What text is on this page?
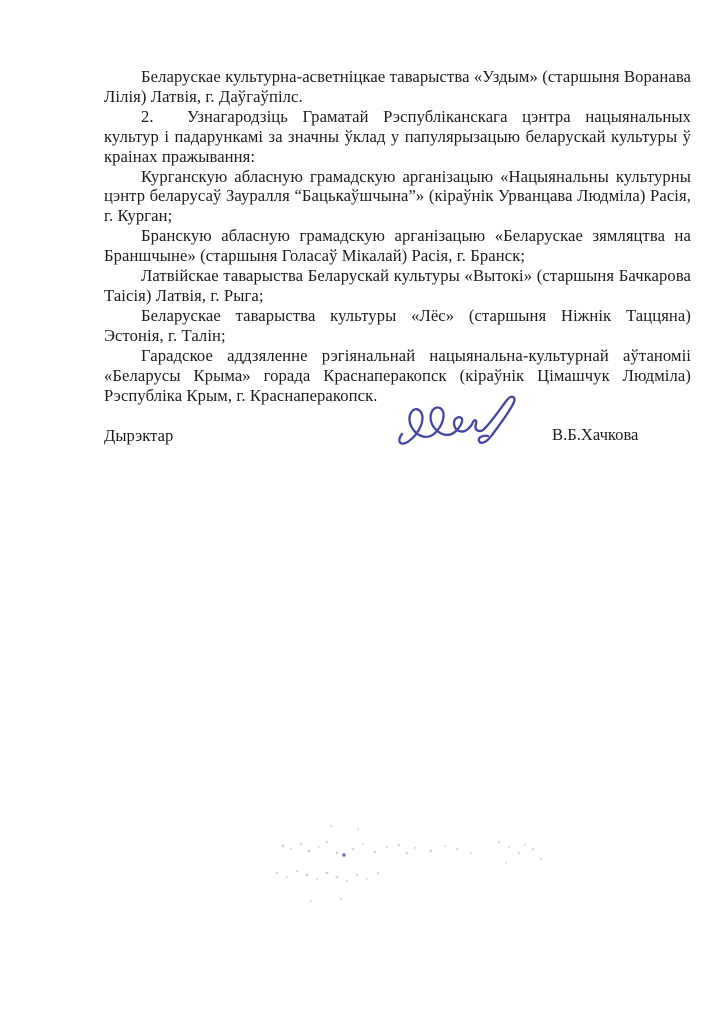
Беларускае культурна-асветніцкае таварыства «Уздым» (старшыня Воранава Лілія) Латвія, г. Даўгаўпілс.

2. Узнагародзіць Граматай Рэспубліканскага цэнтра нацыянальных культур і падарункамі за значны ўклад у папулярызацыю беларускай культуры ў краінах пражывання:

Курганскую абласную грамадскую арганізацыю «Нацыянальны культурны цэнтр беларусаў Зауралля “Бацькаўшчына”» (кіраўнік Урванцава Людміла) Расія, г. Курган;

Бранскую абласную грамадскую арганізацыю «Беларускае зямляцтва на Браншчыне» (старшыня Голасаў Мікалай) Расія, г. Бранск;

Латвійскае таварыства Беларускай культуры «Вытокі» (старшыня Бачкарова Таісія) Латвія, г. Рыга;

Беларускае таварыства культуры «Лёс» (старшыня Ніжнік Таццяна) Эстонія, г. Талін;

Гарадское аддзяленне рэгіянальнай нацыянальна-культурнай аўтаноміі «Беларусы Крыма» горада Краснаперакопск (кіраўнік Цімашчук Людміла) Рэспубліка Крым, г. Краснаперакопск.

Дырэктар	В.Б.Хачкова
